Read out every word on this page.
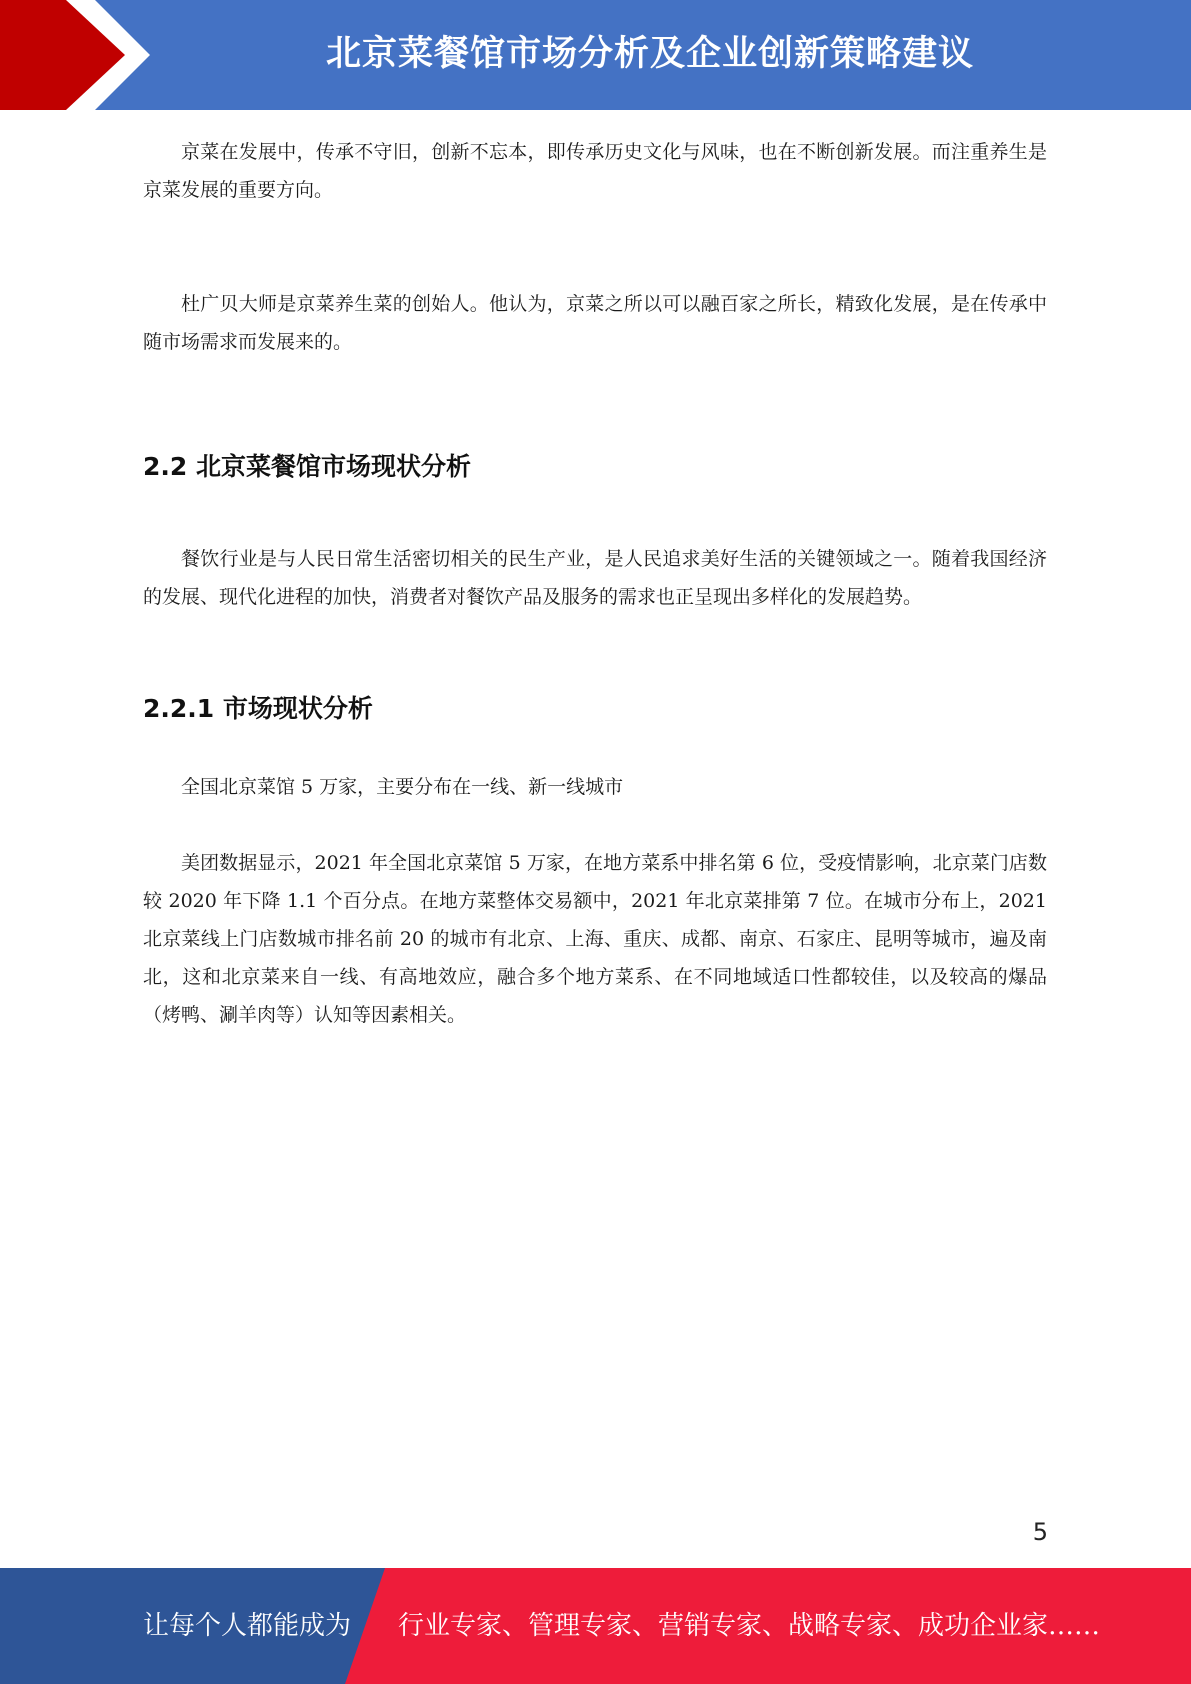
北京菜餐馆市场分析及企业创新策略建议

京菜在发展中，传承不守旧，创新不忘本，即传承历史文化与风味，也在不断创新发展。而注重养生是京菜发展的重要方向。

杜广贝大师是京菜养生菜的创始人。他认为，京菜之所以可以融百家之所长，精致化发展，是在传承中随市场需求而发展来的。

2.2 北京菜餐馆市场现状分析

餐饮行业是与人民日常生活密切相关的民生产业，是人民追求美好生活的关键领域之一。随着我国经济的发展、现代化进程的加快，消费者对餐饮产品及服务的需求也正呈现出多样化的发展趋势。

2.2.1 市场现状分析

全国北京菜馆 5 万家，主要分布在一线、新一线城市

美团数据显示，2021 年全国北京菜馆 5 万家，在地方菜系中排名第 6 位，受疫情影响，北京菜门店数较 2020 年下降 1.1 个百分点。在地方菜整体交易额中，2021 年北京菜排第 7 位。在城市分布上，2021 北京菜线上门店数城市排名前 20 的城市有北京、上海、重庆、成都、南京、石家庄、昆明等城市，遍及南北，这和北京菜来自一线、有高地效应，融合多个地方菜系、在不同地域适口性都较佳，以及较高的爆品（烤鸭、涮羊肉等）认知等因素相关。

5
让每个人都能成为 行业专家、管理专家、营销专家、战略专家、成功企业家……
